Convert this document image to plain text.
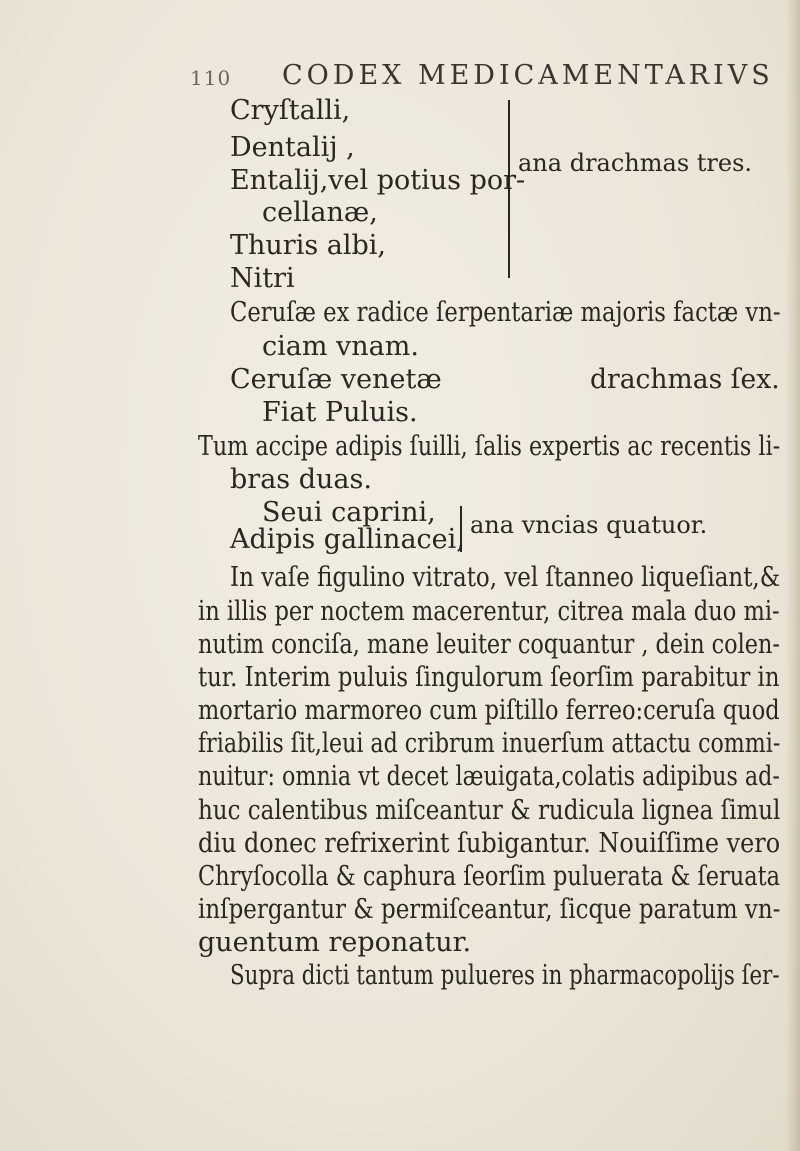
110 CODEX MEDICAMENTARIVS
Cryſtalli,
Dentalij ,
Entalij,vel potius por-
cellanæ,
Thuris albi,
Nitri
ana drachmas tres.
Ceruſæ ex radice ſerpentariæ majoris factæ vn-
ciam vnam.
Ceruſæ venetæ	drachmas ſex.
Fiat Puluis.
Tum accipe adipis ſuilli, ſalis expertis ac recentis li-
bras duas.
Seui caprini,
Adipis gallinacei, ana vncias quatuor.
In vaſe figulino vitrato, vel ſtanneo liqueſiant,&
in illis per noctem macerentur, citrea mala duo mi-
nutim conciſa, mane leuiter coquantur , dein colen-
tur. Interim puluis ſingulorum ſeorſim parabitur in
mortario marmoreo cum piſtillo ferreo:ceruſa quod
friabilis ſit,leui ad cribrum inuerſum attactu commi-
nuitur: omnia vt decet læuigata,colatis adipibus ad-
huc calentibus miſceantur & rudicula lignea ſimul
diu donec refrixerint ſubigantur. Nouiſſime vero
Chryſocolla & caphura ſeorſim puluerata & ſeruata
inſpergantur & permiſceantur, ſicque paratum vn-
guentum reponatur.
Supra dicti tantum pulueres in pharmacopolijs ſer-
